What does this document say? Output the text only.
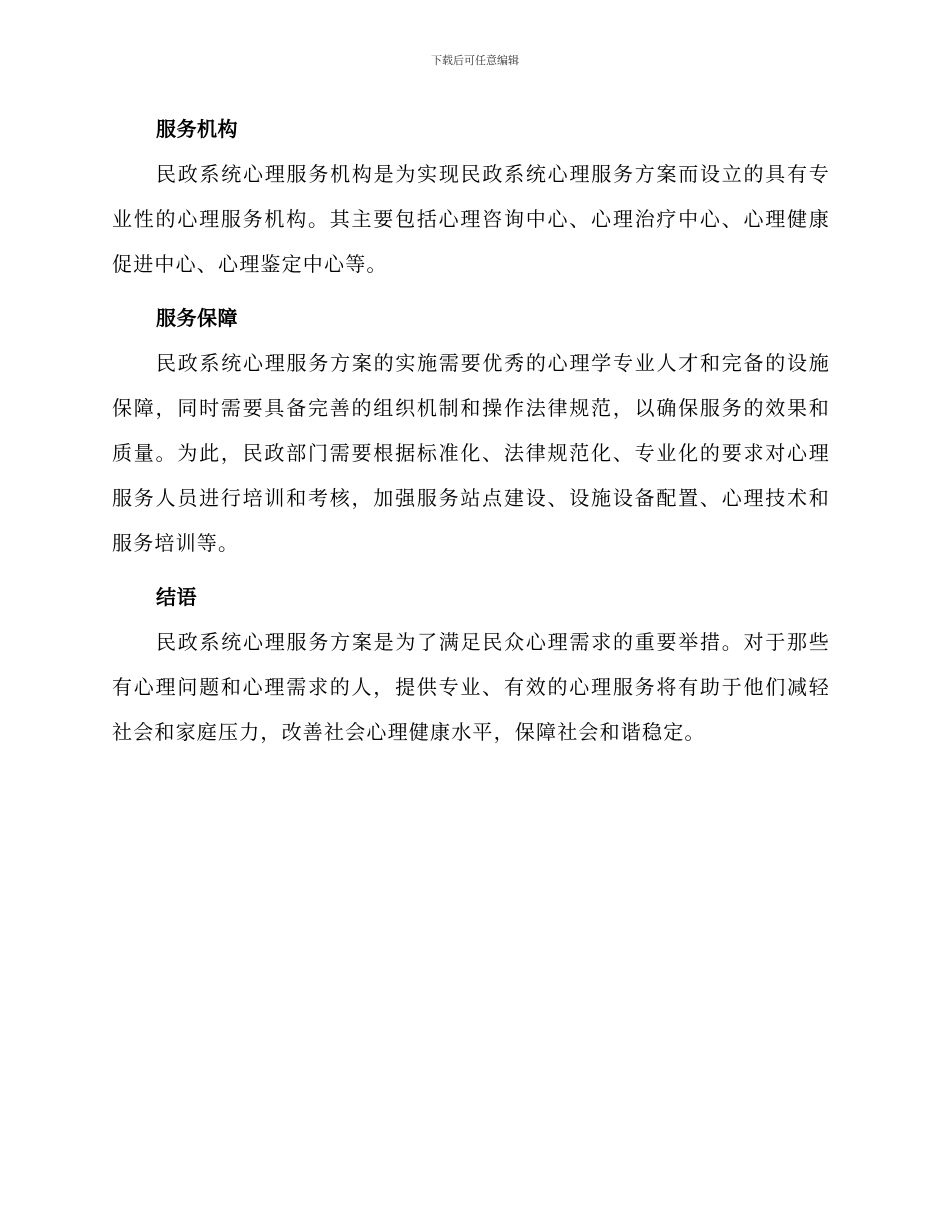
下载后可任意编辑
服务机构

民政系统心理服务机构是为实现民政系统心理服务方案而设立的具有专业性的心理服务机构。其主要包括心理咨询中心、心理治疗中心、心理健康促进中心、心理鉴定中心等。

服务保障

民政系统心理服务方案的实施需要优秀的心理学专业人才和完备的设施保障，同时需要具备完善的组织机制和操作法律规范，以确保服务的效果和质量。为此，民政部门需要根据标准化、法律规范化、专业化的要求对心理服务人员进行培训和考核，加强服务站点建设、设施设备配置、心理技术和服务培训等。

结语

民政系统心理服务方案是为了满足民众心理需求的重要举措。对于那些有心理问题和心理需求的人，提供专业、有效的心理服务将有助于他们减轻社会和家庭压力，改善社会心理健康水平，保障社会和谐稳定。
